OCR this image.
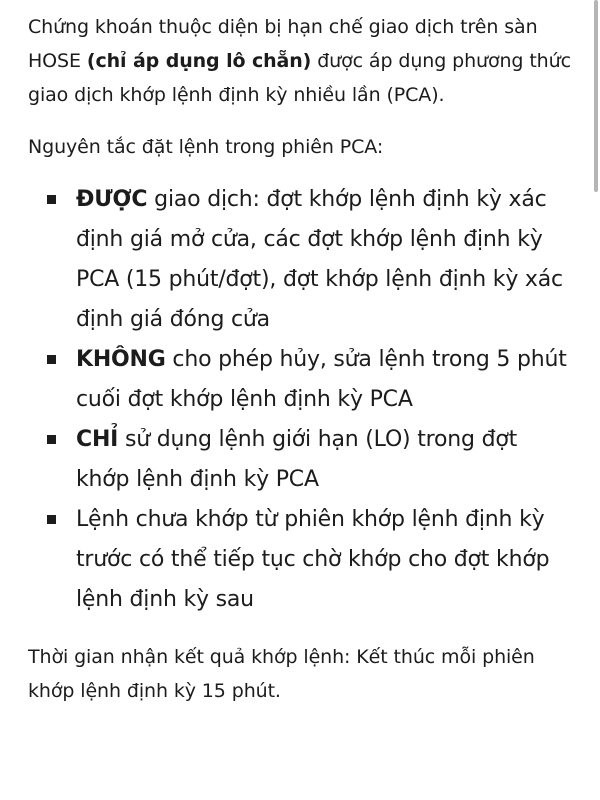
Chứng khoán thuộc diện bị hạn chế giao dịch trên sàn HOSE (chỉ áp dụng lô chẵn) được áp dụng phương thức giao dịch khớp lệnh định kỳ nhiều lần (PCA).

Nguyên tắc đặt lệnh trong phiên PCA:

ĐƯỢC giao dịch: đợt khớp lệnh định kỳ xác định giá mở cửa, các đợt khớp lệnh định kỳ PCA (15 phút/đợt), đợt khớp lệnh định kỳ xác định giá đóng cửa
KHÔNG cho phép hủy, sửa lệnh trong 5 phút cuối đợt khớp lệnh định kỳ PCA
CHỈ sử dụng lệnh giới hạn (LO) trong đợt khớp lệnh định kỳ PCA
Lệnh chưa khớp từ phiên khớp lệnh định kỳ trước có thể tiếp tục chờ khớp cho đợt khớp lệnh định kỳ sau

Thời gian nhận kết quả khớp lệnh: Kết thúc mỗi phiên khớp lệnh định kỳ 15 phút.
